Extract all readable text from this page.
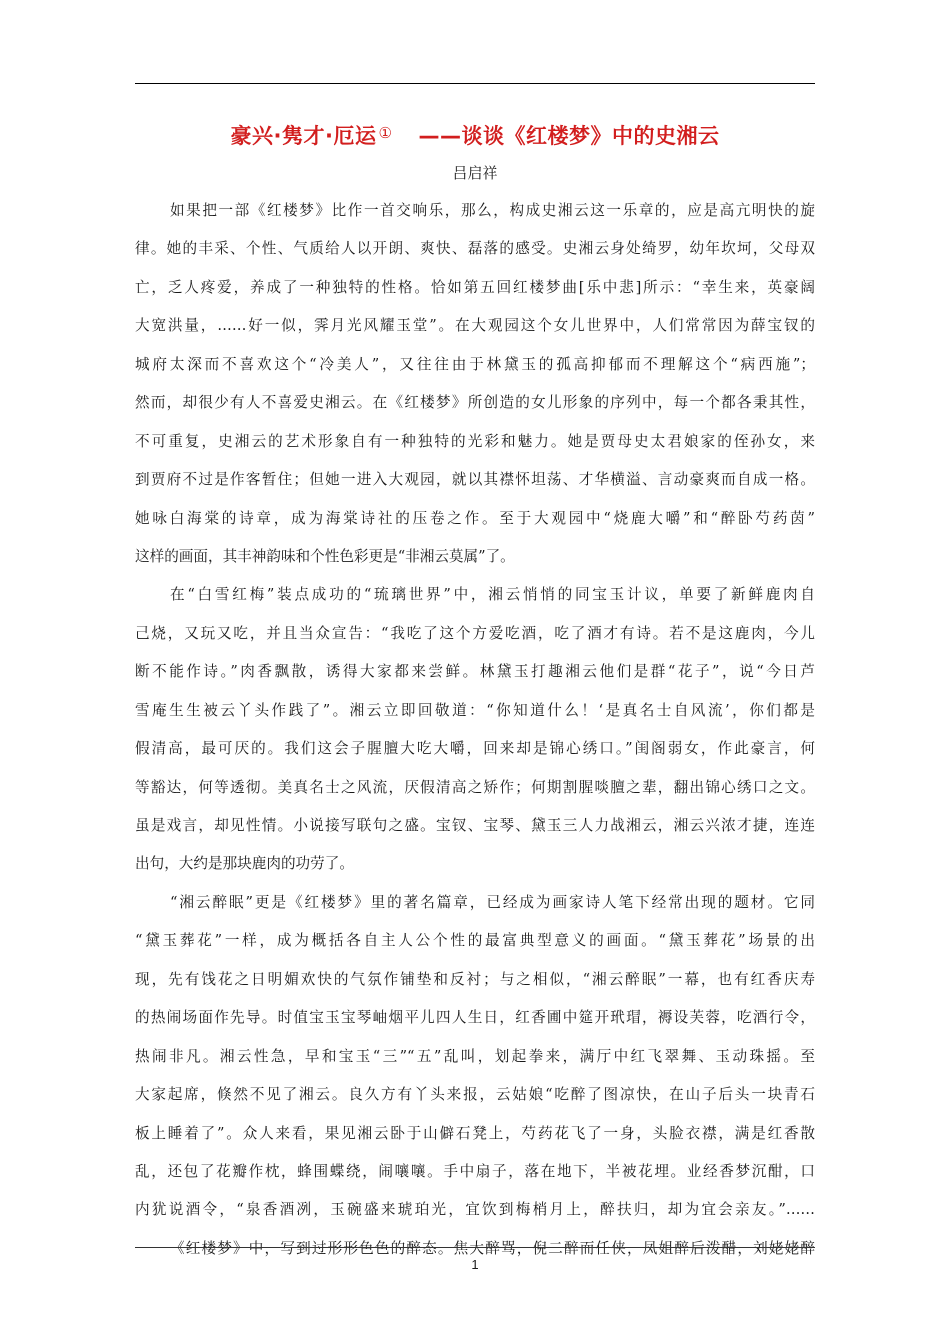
豪兴·隽才·厄运 ① ——谈谈《红楼梦》中的史湘云
吕启祥
如果把一部《红楼梦》比作一首交响乐，那么，构成史湘云这一乐章的，应是高亢明快的旋
律。她的丰采、个性、气质给人以开朗、爽快、磊落的感受。史湘云身处绮罗，幼年坎坷，父母双
亡，乏人疼爱，养成了一种独特的性格。恰如第五回红楼梦曲[乐中悲]所示：“幸生来，英豪阔
大宽洪量，……好一似，霁月光风耀玉堂”。在大观园这个女儿世界中，人们常常因为薛宝钗的
城府太深而不喜欢这个“冷美人”，又往往由于林黛玉的孤高抑郁而不理解这个“病西施”；
然而，却很少有人不喜爱史湘云。在《红楼梦》所创造的女儿形象的序列中，每一个都各秉其性，
不可重复，史湘云的艺术形象自有一种独特的光彩和魅力。她是贾母史太君娘家的侄孙女，来
到贾府不过是作客暂住；但她一进入大观园，就以其襟怀坦荡、才华横溢、言动豪爽而自成一格。
她咏白海棠的诗章，成为海棠诗社的压卷之作。至于大观园中“烧鹿大嚼”和“醉卧芍药茵”
这样的画面，其丰神韵味和个性色彩更是“非湘云莫属”了。
在“白雪红梅”装点成功的“琉璃世界”中，湘云悄悄的同宝玉计议，单要了新鲜鹿肉自
己烧，又玩又吃，并且当众宣告：“我吃了这个方爱吃酒，吃了酒才有诗。若不是这鹿肉，今儿
断不能作诗。”肉香飘散，诱得大家都来尝鲜。林黛玉打趣湘云他们是群“花子”，说“今日芦
雪庵生生被云丫头作践了”。湘云立即回敬道：“你知道什么！‘是真名士自风流’，你们都是
假清高，最可厌的。我们这会子腥膻大吃大嚼，回来却是锦心绣口。”闺阁弱女，作此豪言，何
等豁达，何等透彻。美真名士之风流，厌假清高之矫作；何期割腥啖膻之辈，翻出锦心绣口之文。
虽是戏言，却见性情。小说接写联句之盛。宝钗、宝琴、黛玉三人力战湘云，湘云兴浓才捷，连连
出句，大约是那块鹿肉的功劳了。
“湘云醉眠”更是《红楼梦》里的著名篇章，已经成为画家诗人笔下经常出现的题材。它同
“黛玉葬花”一样，成为概括各自主人公个性的最富典型意义的画面。“黛玉葬花”场景的出
现，先有饯花之日明媚欢快的气氛作铺垫和反衬；与之相似，“湘云醉眠”一幕，也有红香庆寿
的热闹场面作先导。时值宝玉宝琴岫烟平儿四人生日，红香圃中筵开玳瑁，褥设芙蓉，吃酒行令，
热闹非凡。湘云性急，早和宝玉“三”“五”乱叫，划起拳来，满厅中红飞翠舞、玉动珠摇。至
大家起席，倏然不见了湘云。良久方有丫头来报，云姑娘“吃醉了图凉快，在山子后头一块青石
板上睡着了”。众人来看，果见湘云卧于山僻石凳上，芍药花飞了一身，头脸衣襟，满是红香散
乱，还包了花瓣作枕，蜂围蝶绕，闹嚷嚷。手中扇子，落在地下，半被花埋。业经香梦沉酣，口
内犹说酒令，“泉香酒冽，玉碗盛来琥珀光，宜饮到梅梢月上，醉扶归，却为宜会亲友。”……
《红楼梦》中，写到过形形色色的醉态。焦大醉骂，倪二醉而任侠，凤姐醉后泼醋，刘姥姥醉
1
